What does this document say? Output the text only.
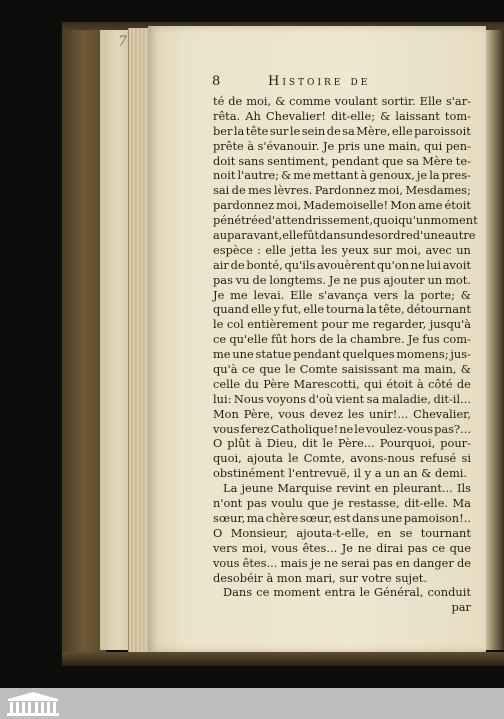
7
8	Histoire de
té de moi, & comme voulant sortir. Elle s'ar-
rêta. Ah Chevalier! dit-elle; & laissant tom-
ber la tête sur le sein de sa Mère, elle paroissoit
prête à s'évanouir. Je pris une main, qui pen-
doit sans sentiment, pendant que sa Mère te-
noit l'autre; & me mettant à genoux, je la pres-
sai de mes lèvres. Pardonnez moi, Mesdames;
pardonnez moi, Mademoiselle! Mon ame étoit
pénétrée d'attendrissement, quoiqu'un moment
auparavant, elle fût dans un desordre d'une autre
espèce : elle jetta les yeux sur moi, avec un
air de bonté, qu'ils avouèrent qu'on ne lui avoit
pas vu de longtems. Je ne pus ajouter un mot.
Je me levai. Elle s'avança vers la porte; &
quand elle y fut, elle tourna la tête, détournant
le col entièrement pour me regarder, jusqu'à
ce qu'elle fût hors de la chambre. Je fus com-
me une statue pendant quelques momens; jus-
qu'à ce que le Comte saisissant ma main, &
celle du Père Marescotti, qui étoit à côté de
lui: Nous voyons d'où vient sa maladie, dit-il...
Mon Père, vous devez les unir!... Chevalier,
vous ferez Catholique! ne le voulez-vous pas?...
O plût à Dieu, dit le Père... Pourquoi, pour-
quoi, ajouta le Comte, avons-nous refusé si
obstinément l'entrevuë, il y a un an & demi.
La jeune Marquise revint en pleurant... Ils
n'ont pas voulu que je restasse, dit-elle. Ma
sœur, ma chère sœur, est dans une pamoison!..
O Monsieur, ajouta-t-elle, en se tournant
vers moi, vous êtes... Je ne dirai pas ce que
vous êtes... mais je ne serai pas en danger de
desobéir à mon mari, sur votre sujet.
Dans ce moment entra le Général, conduit
par
